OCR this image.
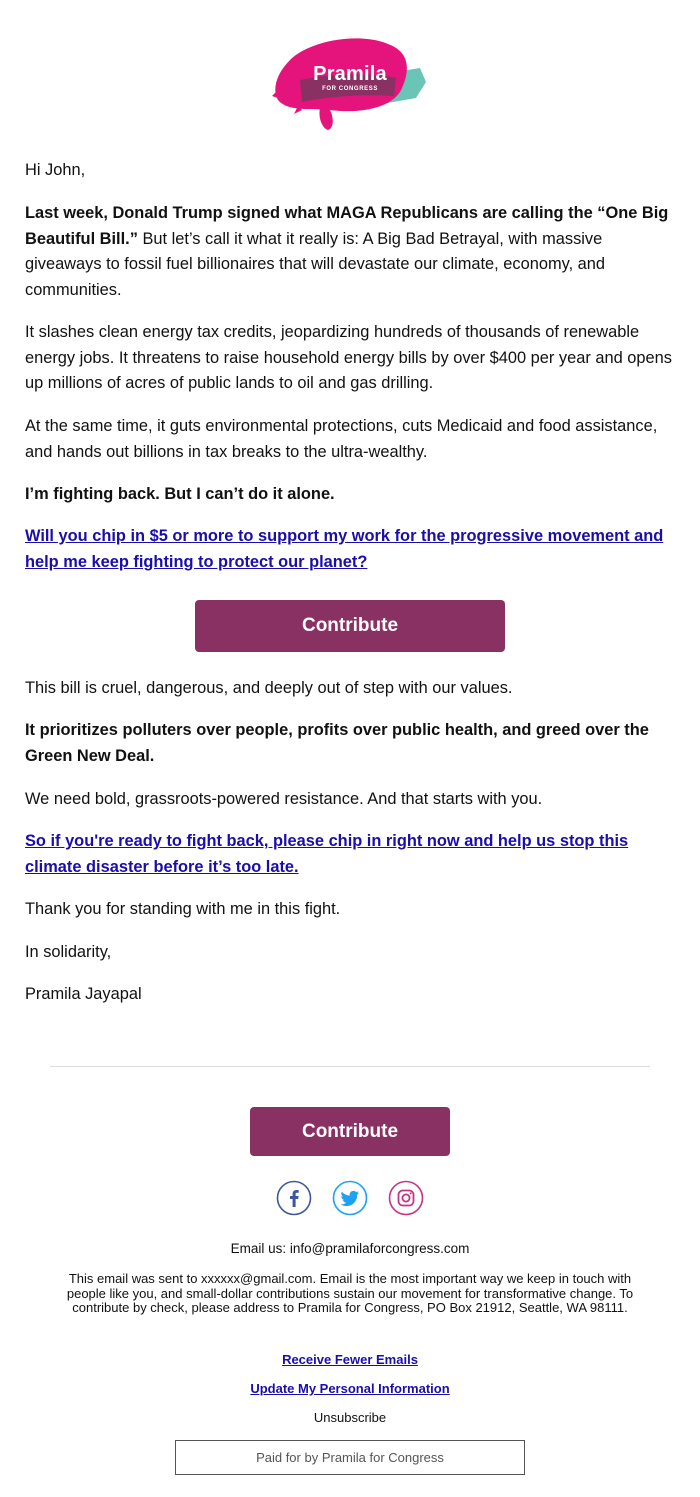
Pramila
FOR CONGRESS

Hi John,

Last week, Donald Trump signed what MAGA Republicans are calling the “One Big Beautiful Bill.” But let’s call it what it really is: A Big Bad Betrayal, with massive giveaways to fossil fuel billionaires that will devastate our climate, economy, and communities.

It slashes clean energy tax credits, jeopardizing hundreds of thousands of renewable energy jobs. It threatens to raise household energy bills by over $400 per year and opens up millions of acres of public lands to oil and gas drilling.

At the same time, it guts environmental protections, cuts Medicaid and food assistance, and hands out billions in tax breaks to the ultra-wealthy.

I’m fighting back. But I can’t do it alone.

Will you chip in $5 or more to support my work for the progressive movement and help me keep fighting to protect our planet?

Contribute

This bill is cruel, dangerous, and deeply out of step with our values.

It prioritizes polluters over people, profits over public health, and greed over the Green New Deal.

We need bold, grassroots-powered resistance. And that starts with you.

So if you're ready to fight back, please chip in right now and help us stop this climate disaster before it’s too late.

Thank you for standing with me in this fight.

In solidarity,

Pramila Jayapal

Contribute
Email us: info@pramilaforcongress.com
This email was sent to xxxxxx@gmail.com. Email is the most important way we keep in touch with people like you, and small-dollar contributions sustain our movement for transformative change. To contribute by check, please address to Pramila for Congress, PO Box 21912, Seattle, WA 98111.
Receive Fewer Emails
Update My Personal Information
Unsubscribe
Paid for by Pramila for Congress
